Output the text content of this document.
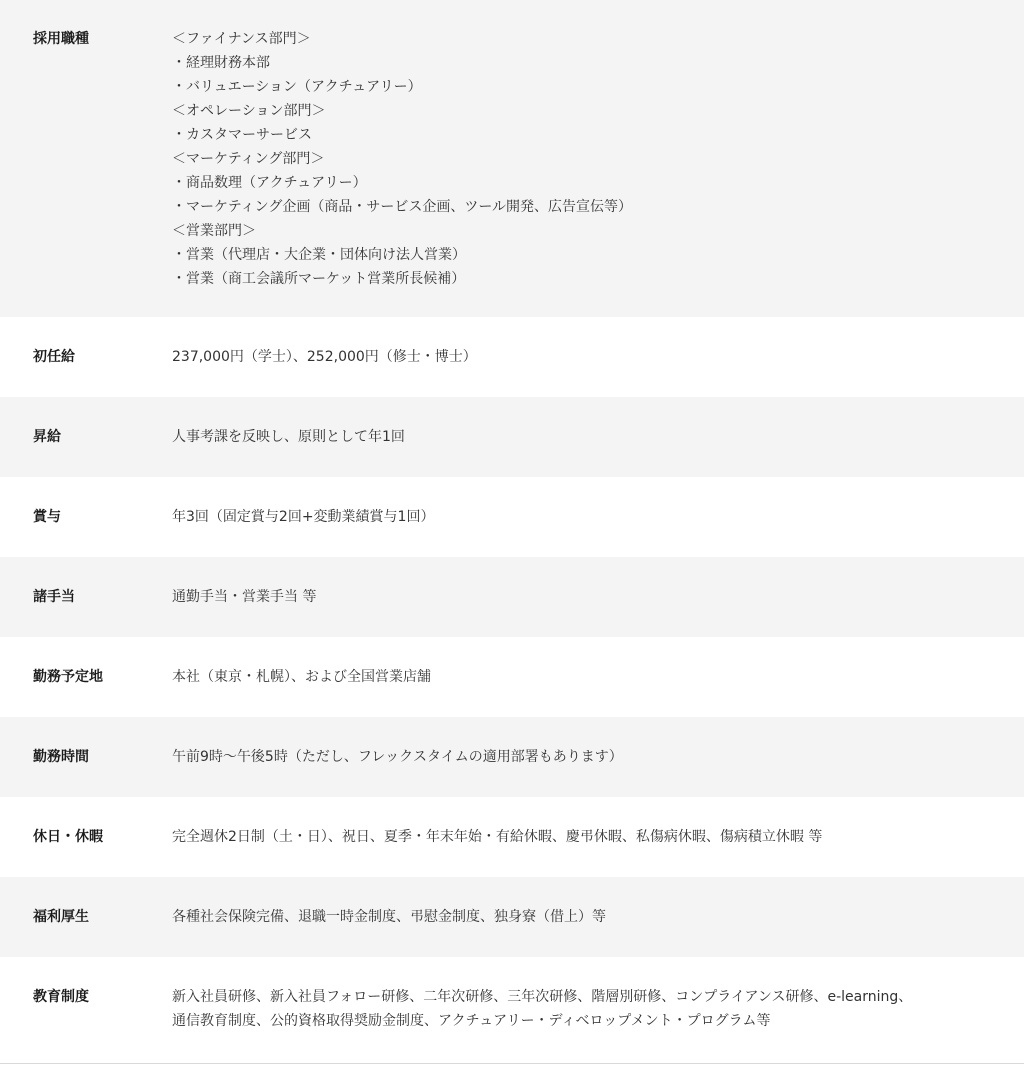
採用職種	＜ファイナンス部門＞
・経理財務本部
・バリュエーション（アクチュアリー）
＜オペレーション部門＞
・カスタマーサービス
＜マーケティング部門＞
・商品数理（アクチュアリー）
・マーケティング企画（商品・サービス企画、ツール開発、広告宣伝等）
＜営業部門＞
・営業（代理店・大企業・団体向け法人営業）
・営業（商工会議所マーケット営業所長候補）
初任給	237,000円（学士）、252,000円（修士・博士）
昇給	人事考課を反映し、原則として年1回
賞与	年3回（固定賞与2回+変動業績賞与1回）
諸手当	通勤手当・営業手当 等
勤務予定地	本社（東京・札幌）、および全国営業店舗
勤務時間	午前9時～午後5時（ただし、フレックスタイムの適用部署もあります）
休日・休暇	完全週休2日制（土・日）、祝日、夏季・年末年始・有給休暇、慶弔休暇、私傷病休暇、傷病積立休暇 等
福利厚生	各種社会保険完備、退職一時金制度、弔慰金制度、独身寮（借上）等
教育制度	新入社員研修、新入社員フォロー研修、二年次研修、三年次研修、階層別研修、コンプライアンス研修、e-learning、
通信教育制度、公的資格取得奨励金制度、アクチュアリー・ディベロップメント・プログラム等
